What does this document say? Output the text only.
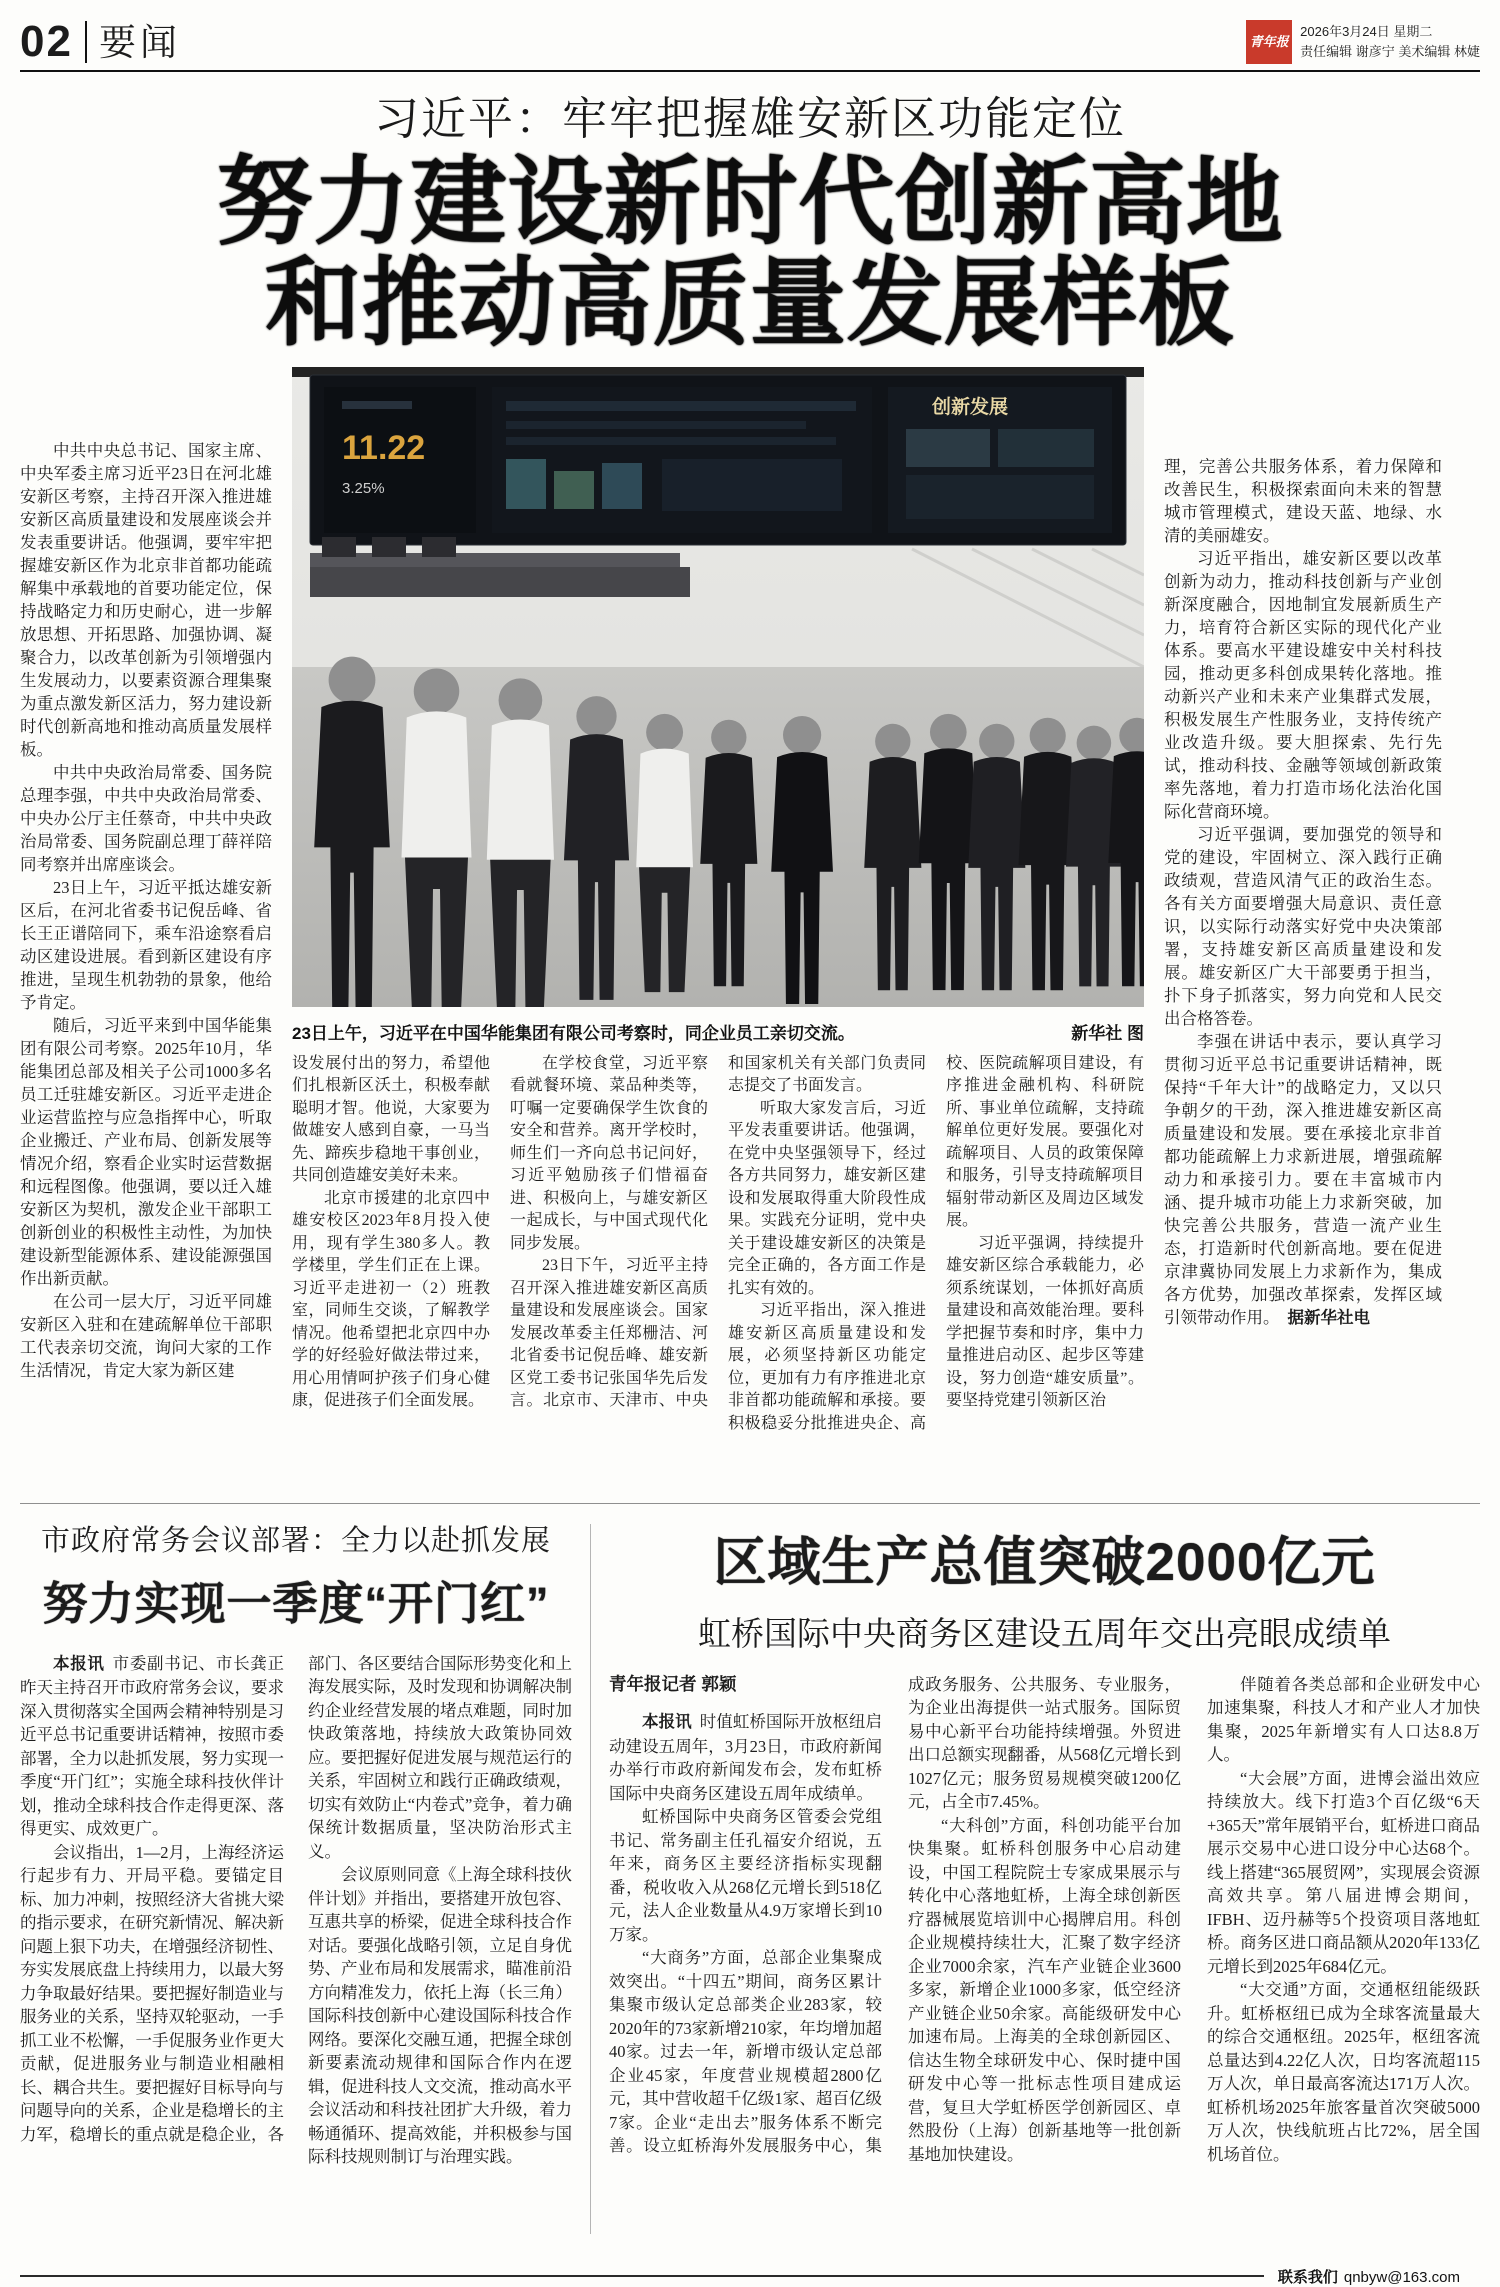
02 要闻	青年报
2026年3月24日 星期二
责任编辑 谢彦宁 美术编辑 林婕
习近平：牢牢把握雄安新区功能定位
努力建设新时代创新高地
和推动高质量发展样板

中共中央总书记、国家主席、中央军委主席习近平23日在河北雄安新区考察，主持召开深入推进雄安新区高质量建设和发展座谈会并发表重要讲话。他强调，要牢牢把握雄安新区作为北京非首都功能疏解集中承载地的首要功能定位，保持战略定力和历史耐心，进一步解放思想、开拓思路、加强协调、凝聚合力，以改革创新为引领增强内生发展动力，以要素资源合理集聚为重点激发新区活力，努力建设新时代创新高地和推动高质量发展样板。

中共中央政治局常委、国务院总理李强，中共中央政治局常委、中央办公厅主任蔡奇，中共中央政治局常委、国务院副总理丁薛祥陪同考察并出席座谈会。

23日上午，习近平抵达雄安新区后，在河北省委书记倪岳峰、省长王正谱陪同下，乘车沿途察看启动区建设进展。看到新区建设有序推进，呈现生机勃勃的景象，他给予肯定。

随后，习近平来到中国华能集团有限公司考察。2025年10月，华能集团总部及相关子公司1000多名员工迁驻雄安新区。习近平走进企业运营监控与应急指挥中心，听取企业搬迁、产业布局、创新发展等情况介绍，察看企业实时运营数据和远程图像。他强调，要以迁入雄安新区为契机，激发企业干部职工创新创业的积极性主动性，为加快建设新型能源体系、建设能源强国作出新贡献。

在公司一层大厅，习近平同雄安新区入驻和在建疏解单位干部职工代表亲切交流，询问大家的工作生活情况，肯定大家为新区建

11.22
3.25%
创新发展
23日上午，习近平在中国华能集团有限公司考察时，同企业员工亲切交流。	新华社 图

设发展付出的努力，希望他们扎根新区沃土，积极奉献聪明才智。他说，大家要为做雄安人感到自豪，一马当先、蹄疾步稳地干事创业，共同创造雄安美好未来。

北京市援建的北京四中雄安校区2023年8月投入使用，现有学生380多人。教学楼里，学生们正在上课。习近平走进初一（2）班教室，同师生交谈，了解教学情况。他希望把北京四中办学的好经验好做法带过来，用心用情呵护孩子们身心健康，促进孩子们全面发展。

在学校食堂，习近平察看就餐环境、菜品种类等，叮嘱一定要确保学生饮食的安全和营养。离开学校时，师生们一齐向总书记问好，习近平勉励孩子们惜福奋进、积极向上，与雄安新区一起成长，与中国式现代化同步发展。

23日下午，习近平主持召开深入推进雄安新区高质量建设和发展座谈会。国家发展改革委主任郑栅洁、河北省委书记倪岳峰、雄安新区党工委书记张国华先后发言。北京市、天津市、中央和国家机关有关部门负责同志提交了书面发言。

听取大家发言后，习近平发表重要讲话。他强调，在党中央坚强领导下，经过各方共同努力，雄安新区建设和发展取得重大阶段性成果。实践充分证明，党中央关于建设雄安新区的决策是完全正确的，各方面工作是扎实有效的。

习近平指出，深入推进雄安新区高质量建设和发展，必须坚持新区功能定位，更加有力有序推进北京非首都功能疏解和承接。要积极稳妥分批推进央企、高校、医院疏解项目建设，有序推进金融机构、科研院所、事业单位疏解，支持疏解单位更好发展。要强化对疏解项目、人员的政策保障和服务，引导支持疏解项目辐射带动新区及周边区域发展。

习近平强调，持续提升雄安新区综合承载能力，必须系统谋划，一体抓好高质量建设和高效能治理。要科学把握节奏和时序，集中力量推进启动区、起步区等建设，努力创造“雄安质量”。要坚持党建引领新区治

理，完善公共服务体系，着力保障和改善民生，积极探索面向未来的智慧城市管理模式，建设天蓝、地绿、水清的美丽雄安。

习近平指出，雄安新区要以改革创新为动力，推动科技创新与产业创新深度融合，因地制宜发展新质生产力，培育符合新区实际的现代化产业体系。要高水平建设雄安中关村科技园，推动更多科创成果转化落地。推动新兴产业和未来产业集群式发展，积极发展生产性服务业，支持传统产业改造升级。要大胆探索、先行先试，推动科技、金融等领域创新政策率先落地，着力打造市场化法治化国际化营商环境。

习近平强调，要加强党的领导和党的建设，牢固树立、深入践行正确政绩观，营造风清气正的政治生态。各有关方面要增强大局意识、责任意识，以实际行动落实好党中央决策部署，支持雄安新区高质量建设和发展。雄安新区广大干部要勇于担当，扑下身子抓落实，努力向党和人民交出合格答卷。

李强在讲话中表示，要认真学习贯彻习近平总书记重要讲话精神，既保持“千年大计”的战略定力，又以只争朝夕的干劲，深入推进雄安新区高质量建设和发展。要在承接北京非首都功能疏解上力求新进展，增强疏解动力和承接引力。要在丰富城市内涵、提升城市功能上力求新突破，加快完善公共服务，营造一流产业生态，打造新时代创新高地。要在促进京津冀协同发展上力求新作为，集成各方优势，加强改革探索，发挥区域引领带动作用。 据新华社电

市政府常务会议部署：全力以赴抓发展
努力实现一季度“开门红”

本报讯 市委副书记、市长龚正昨天主持召开市政府常务会议，要求深入贯彻落实全国两会精神特别是习近平总书记重要讲话精神，按照市委部署，全力以赴抓发展，努力实现一季度“开门红”；实施全球科技伙伴计划，推动全球科技合作走得更深、落得更实、成效更广。

会议指出，1—2月，上海经济运行起步有力、开局平稳。要锚定目标、加力冲刺，按照经济大省挑大梁的指示要求，在研究新情况、解决新问题上狠下功夫，在增强经济韧性、夯实发展底盘上持续用力，以最大努力争取最好结果。要把握好制造业与服务业的关系，坚持双轮驱动，一手抓工业不松懈，一手促服务业作更大贡献，促进服务业与制造业相融相长、耦合共生。要把握好目标导向与问题导向的关系，企业是稳增长的主力军，稳增长的重点就是稳企业，各部门、各区要结合国际形势变化和上海发展实际，及时发现和协调解决制约企业经营发展的堵点难题，同时加快政策落地，持续放大政策协同效应。要把握好促进发展与规范运行的关系，牢固树立和践行正确政绩观，切实有效防止“内卷式”竞争，着力确保统计数据质量，坚决防治形式主义。

会议原则同意《上海全球科技伙伴计划》并指出，要搭建开放包容、互惠共享的桥梁，促进全球科技合作对话。要强化战略引领，立足自身优势、产业布局和发展需求，瞄准前沿方向精准发力，依托上海（长三角）国际科技创新中心建设国际科技合作网络。要深化交融互通，把握全球创新要素流动规律和国际合作内在逻辑，促进科技人文交流，推动高水平会议活动和科技社团扩大升级，着力畅通循环、提高效能，并积极参与国际科技规则制订与治理实践。

区域生产总值突破2000亿元
虹桥国际中央商务区建设五周年交出亮眼成绩单

青年报记者 郭颖

本报讯 时值虹桥国际开放枢纽启动建设五周年，3月23日，市政府新闻办举行市政府新闻发布会，发布虹桥国际中央商务区建设五周年成绩单。

虹桥国际中央商务区管委会党组书记、常务副主任孔福安介绍说，五年来，商务区主要经济指标实现翻番，税收收入从268亿元增长到518亿元，法人企业数量从4.9万家增长到10万家。

“大商务”方面，总部企业集聚成效突出。“十四五”期间，商务区累计集聚市级认定总部类企业283家，较2020年的73家新增210家，年均增加超40家。过去一年，新增市级认定总部企业45家，年度营业规模超2800亿元，其中营收超千亿级1家、超百亿级7家。企业“走出去”服务体系不断完善。设立虹桥海外发展服务中心，集成政务服务、公共服务、专业服务，为企业出海提供一站式服务。国际贸易中心新平台功能持续增强。外贸进出口总额实现翻番，从568亿元增长到1027亿元；服务贸易规模突破1200亿元，占全市7.45%。

“大科创”方面，科创功能平台加快集聚。虹桥科创服务中心启动建设，中国工程院院士专家成果展示与转化中心落地虹桥，上海全球创新医疗器械展览培训中心揭牌启用。科创企业规模持续壮大，汇聚了数字经济企业7000余家，汽车产业链企业3600多家，新增企业1000多家，低空经济产业链企业50余家。高能级研发中心加速布局。上海美的全球创新园区、信达生物全球研发中心、保时捷中国研发中心等一批标志性项目建成运营，复旦大学虹桥医学创新园区、卓然股份（上海）创新基地等一批创新基地加快建设。

伴随着各类总部和企业研发中心加速集聚，科技人才和产业人才加快集聚，2025年新增实有人口达8.8万人。

“大会展”方面，进博会溢出效应持续放大。线下打造3个百亿级“6天+365天”常年展销平台，虹桥进口商品展示交易中心进口设分中心达68个。线上搭建“365展贸网”，实现展会资源高效共享。第八届进博会期间，IFBH、迈丹赫等5个投资项目落地虹桥。商务区进口商品额从2020年133亿元增长到2025年684亿元。

“大交通”方面，交通枢纽能级跃升。虹桥枢纽已成为全球客流量最大的综合交通枢纽。2025年，枢纽客流总量达到4.22亿人次，日均客流超115万人次，单日最高客流达171万人次。虹桥机场2025年旅客量首次突破5000万人次，快线航班占比72%，居全国机场首位。

联系我们 qnbyw@163.com
